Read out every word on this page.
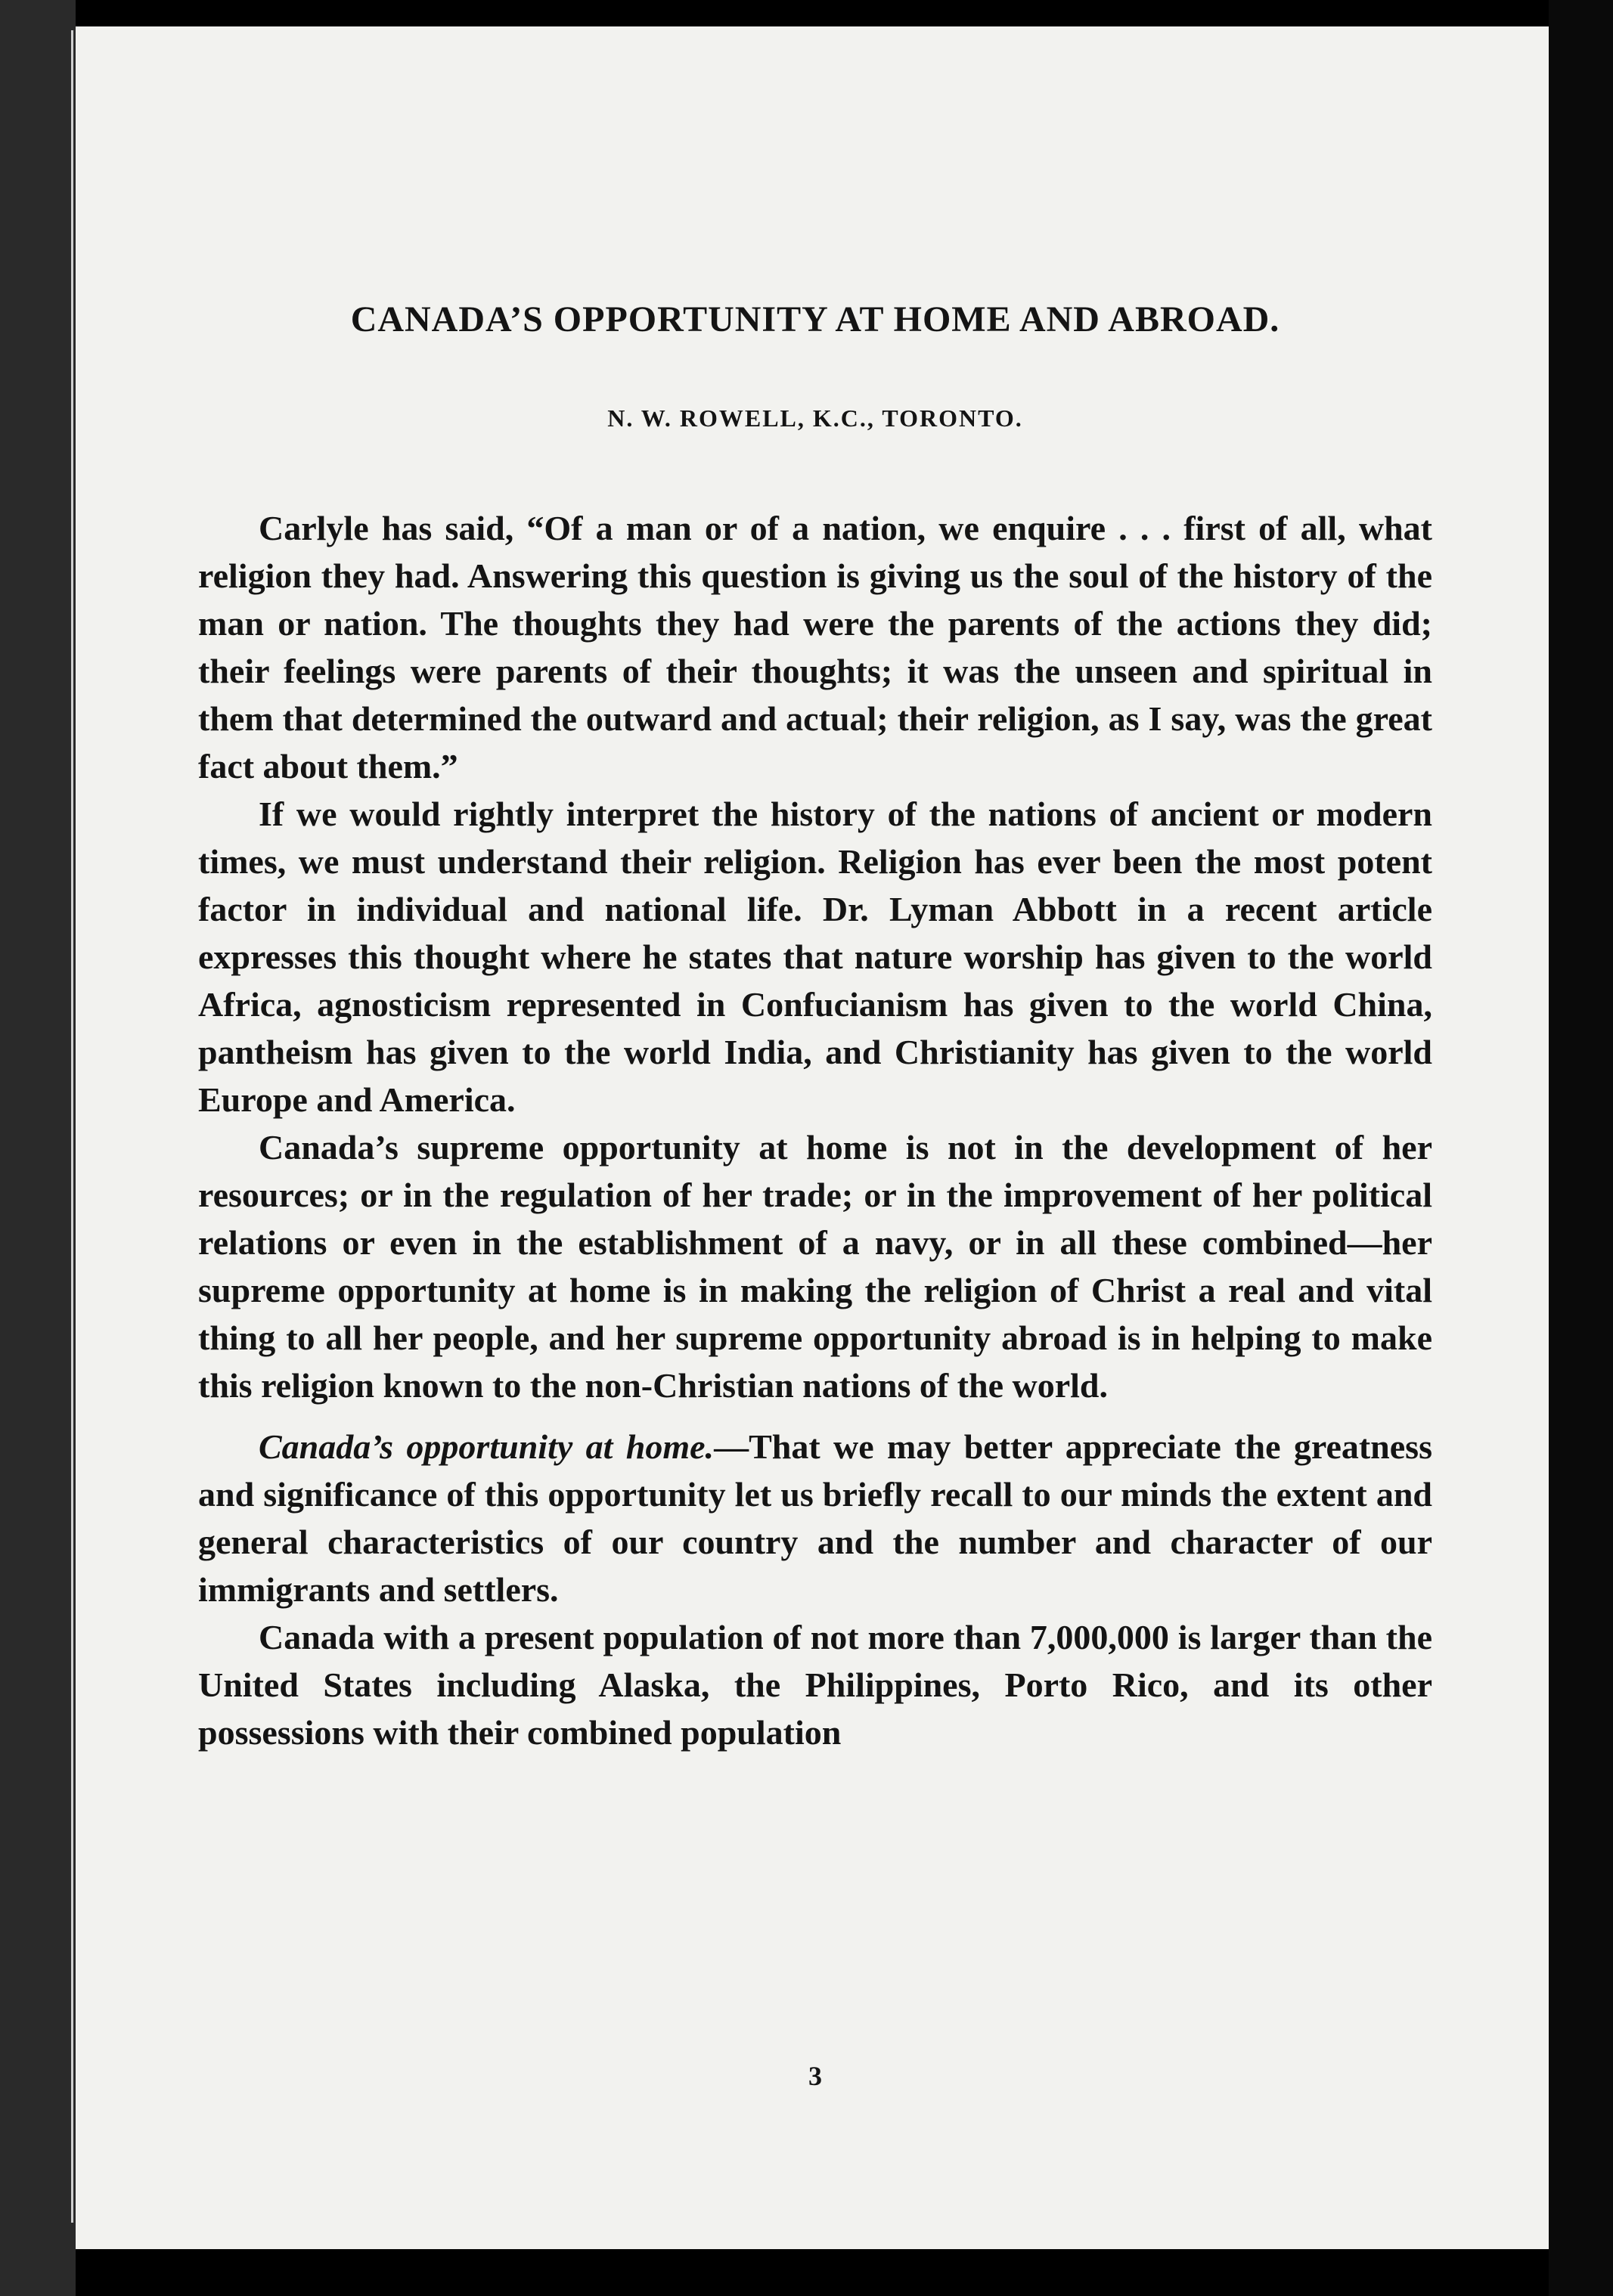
CANADA’S OPPORTUNITY AT HOME AND ABROAD.

N. W. ROWELL, K.C., TORONTO.

Carlyle has said, “Of a man or of a nation, we enquire . . . first of all, what religion they had. Answering this question is giving us the soul of the history of the man or nation. The thoughts they had were the parents of the actions they did; their feelings were parents of their thoughts; it was the unseen and spiritual in them that determined the outward and actual; their religion, as I say, was the great fact about them.”

If we would rightly interpret the history of the nations of ancient or modern times, we must understand their religion. Religion has ever been the most potent factor in individual and national life. Dr. Lyman Abbott in a recent article expresses this thought where he states that nature worship has given to the world Africa, agnosticism represented in Confucianism has given to the world China, pantheism has given to the world India, and Christianity has given to the world Europe and America.

Canada’s supreme opportunity at home is not in the development of her resources; or in the regulation of her trade; or in the improvement of her political relations or even in the establishment of a navy, or in all these combined—her supreme opportunity at home is in making the religion of Christ a real and vital thing to all her people, and her supreme opportunity abroad is in helping to make this religion known to the non-Christian nations of the world.

Canada’s opportunity at home.—That we may better appreciate the greatness and significance of this opportunity let us briefly recall to our minds the extent and general characteristics of our country and the number and character of our immigrants and settlers.

Canada with a present population of not more than 7,000,000 is larger than the United States including Alaska, the Philippines, Porto Rico, and its other possessions with their combined population

3
